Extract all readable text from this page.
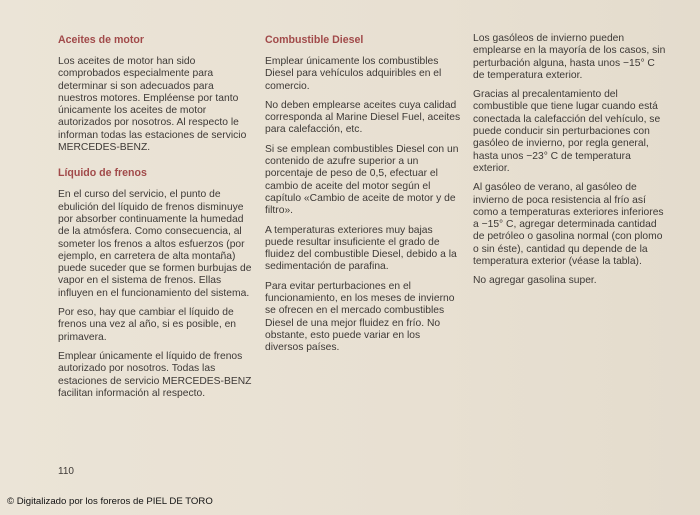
Aceites de motor

Los aceites de motor han sido comprobados especialmente para determinar si son adecuados para nuestros motores. Empléense por tanto únicamente los aceites de motor autorizados por nosotros. Al respecto le informan todas las estaciones de servicio MERCEDES-BENZ.

Líquido de frenos

En el curso del servicio, el punto de ebulición del líquido de frenos disminuye por absorber continuamente la humedad de la atmósfera. Como consecuencia, al someter los frenos a altos esfuerzos (por ejemplo, en carretera de alta montaña) puede suceder que se formen burbujas de vapor en el sistema de frenos. Ellas influyen en el funcionamiento del sistema.

Por eso, hay que cambiar el líquido de frenos una vez al año, si es posible, en primavera.

Emplear únicamente el líquido de frenos autorizado por nosotros. Todas las estaciones de servicio MERCEDES-BENZ facilitan información al respecto.

Combustible Diesel

Emplear únicamente los combustibles Diesel para vehículos adquiribles en el comercio.

No deben emplearse aceites cuya calidad corresponda al Marine Diesel Fuel, aceites para calefacción, etc.

Si se emplean combustibles Diesel con un contenido de azufre superior a un porcentaje de peso de 0,5, efectuar el cambio de aceite del motor según el capítulo «Cambio de aceite de motor y de filtro».

A temperaturas exteriores muy bajas puede resultar insuficiente el grado de fluidez del combustible Diesel, debido a la sedimentación de parafina.

Para evitar perturbaciones en el funcionamiento, en los meses de invierno se ofrecen en el mercado combustibles Diesel de una mejor fluidez en frío. No obstante, esto puede variar en los diversos países.

Los gasóleos de invierno pueden emplearse en la mayoría de los casos, sin perturbación alguna, hasta unos −15° C de temperatura exterior.

Gracias al precalentamiento del combustible que tiene lugar cuando está conectada la calefacción del vehículo, se puede conducir sin perturbaciones con gasóleo de invierno, por regla general, hasta unos −23° C de temperatura exterior.

Al gasóleo de verano, al gasóleo de invierno de poca resistencia al frío así como a temperaturas exteriores inferiores a −15° C, agregar determinada cantidad de petróleo o gasolina normal (con plomo o sin éste), cantidad qu depende de la temperatura exterior (véase la tabla).

No agregar gasolina super.

110
© Digitalizado por los foreros de PIEL DE TORO
